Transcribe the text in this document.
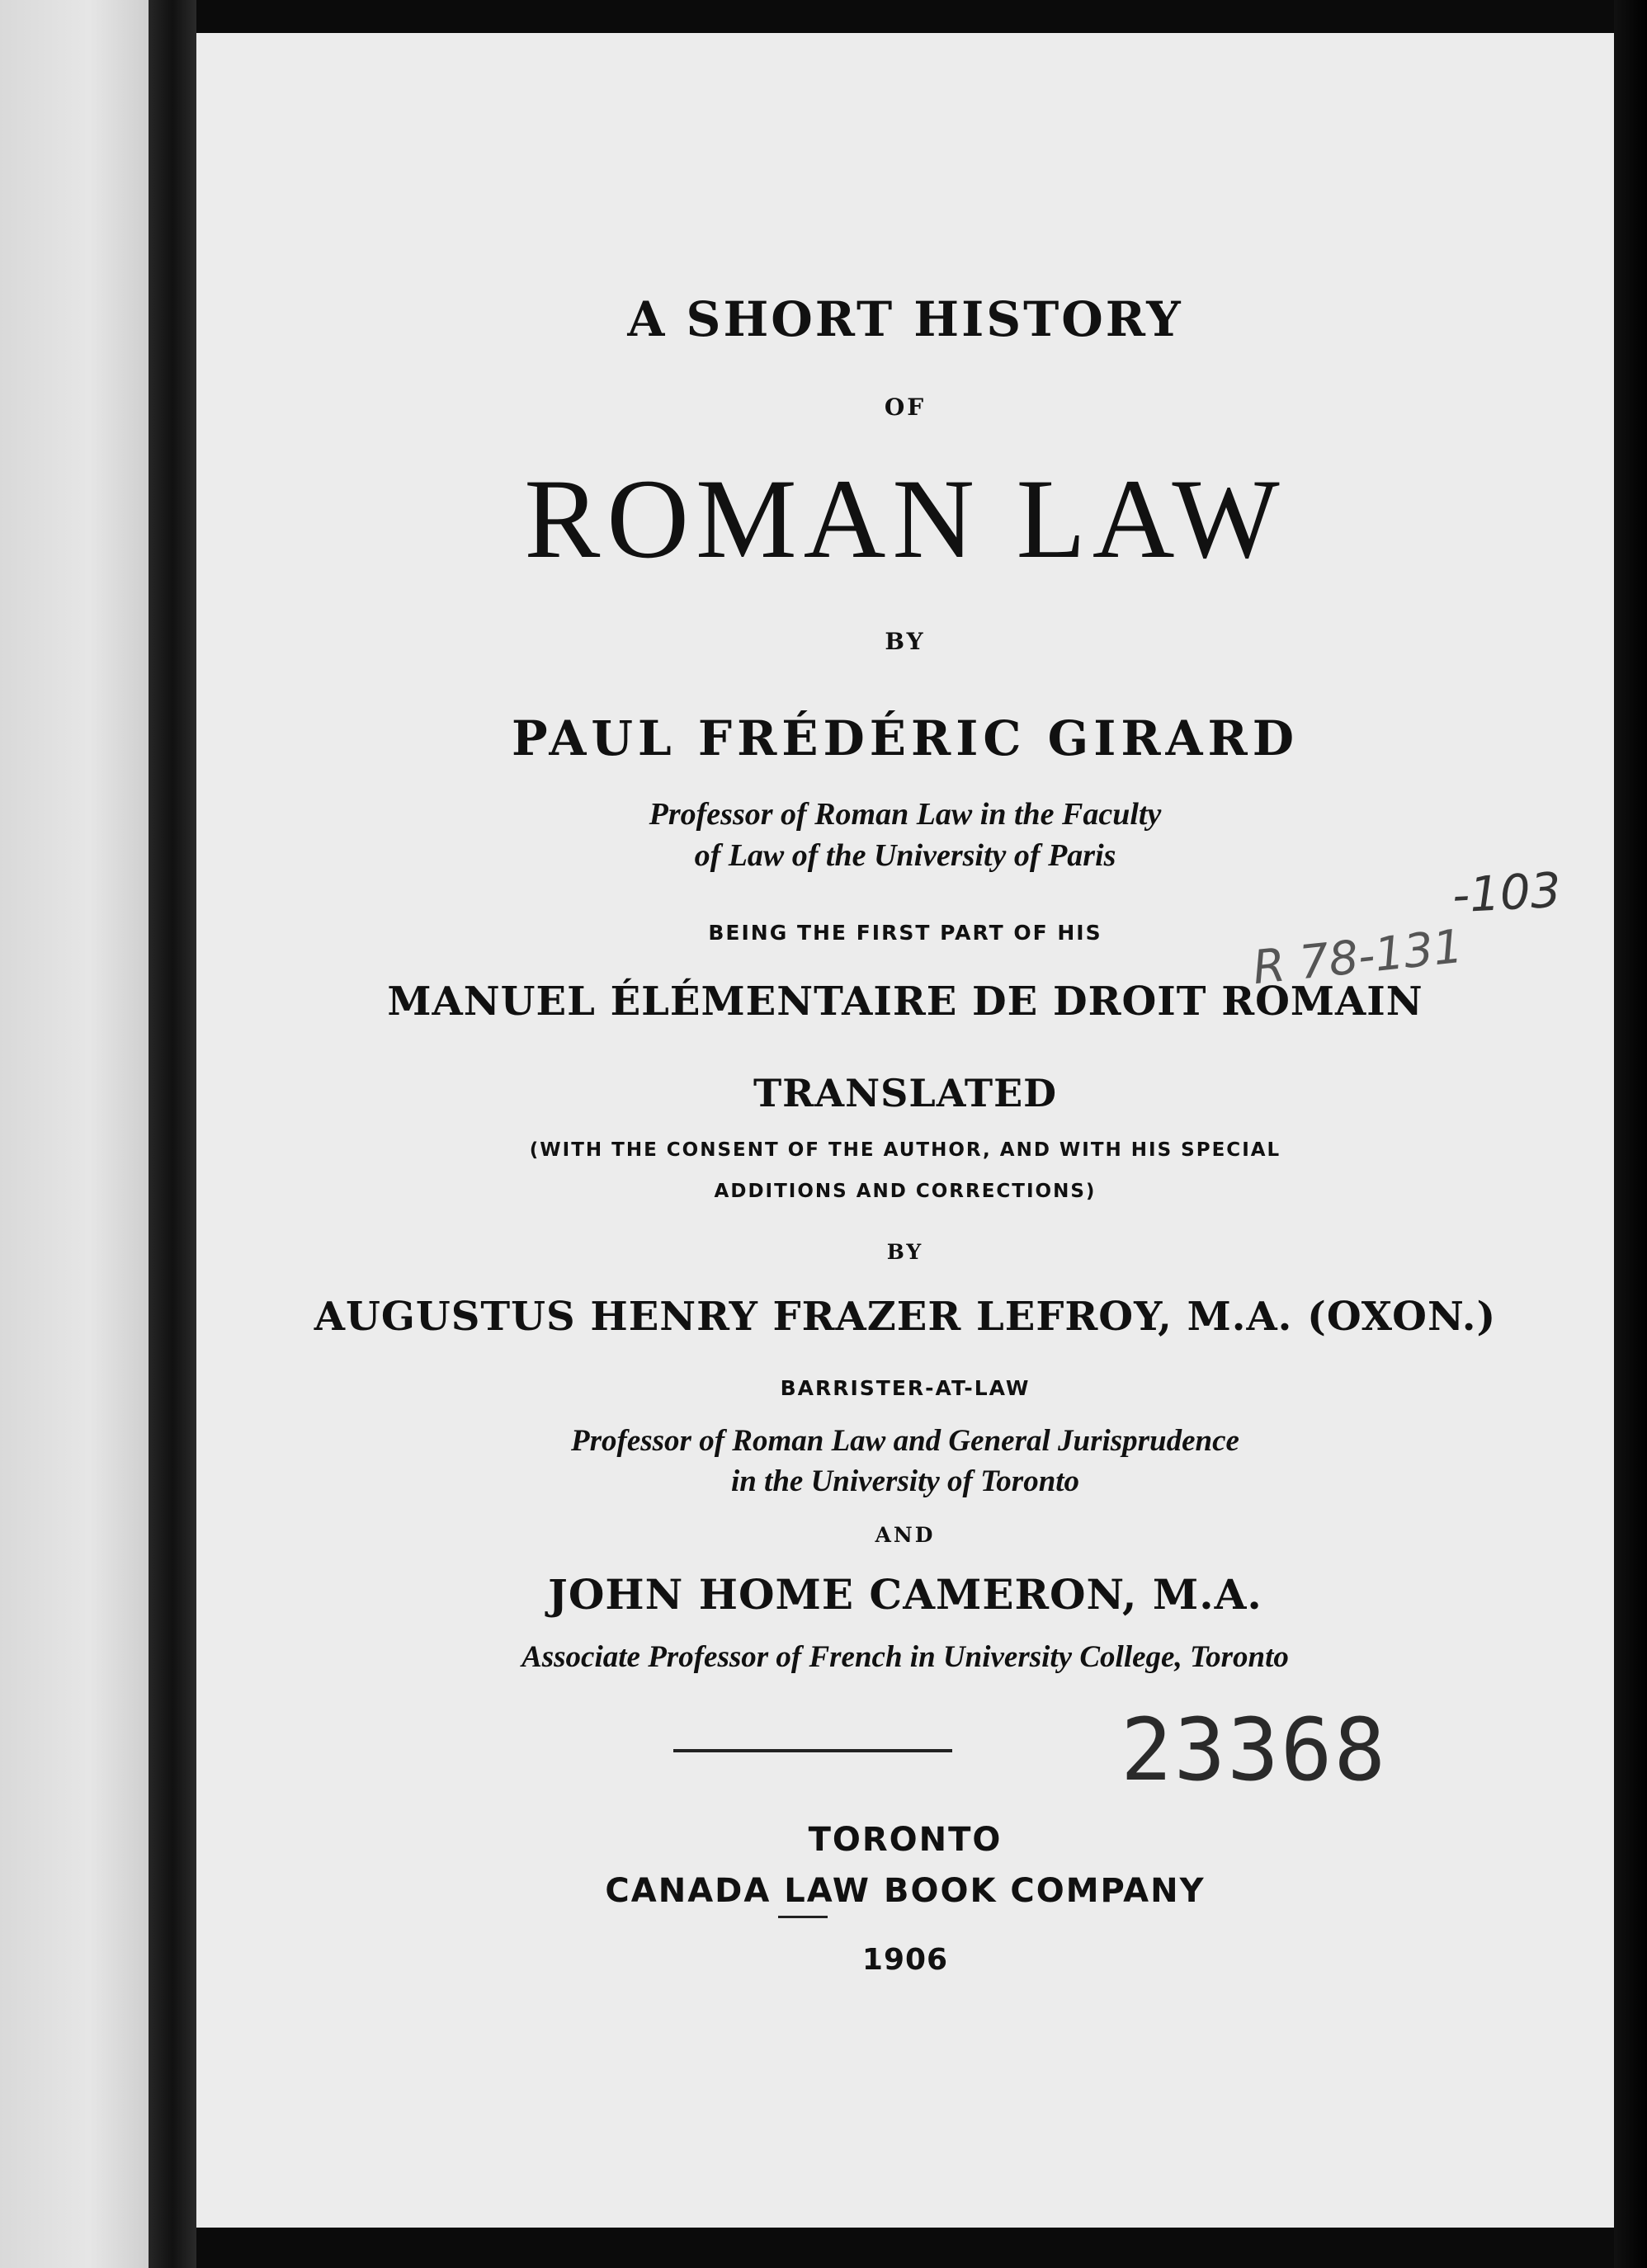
A SHORT HISTORY

OF

ROMAN LAW

BY

PAUL FRÉDÉRIC GIRARD

Professor of Roman Law in the Faculty

of Law of the University of Paris

BEING THE FIRST PART OF HIS

MANUEL ÉLÉMENTAIRE DE DROIT ROMAIN

TRANSLATED

(WITH THE CONSENT OF THE AUTHOR, AND WITH HIS SPECIAL

ADDITIONS AND CORRECTIONS)

BY

AUGUSTUS HENRY FRAZER LEFROY, M.A. (OXON.)

BARRISTER-AT-LAW

Professor of Roman Law and General Jurisprudence

in the University of Toronto

AND

JOHN HOME CAMERON, M.A.

Associate Professor of French in University College, Toronto

TORONTO

CANADA LAW BOOK COMPANY

1906

-103
R 78-131
23368
